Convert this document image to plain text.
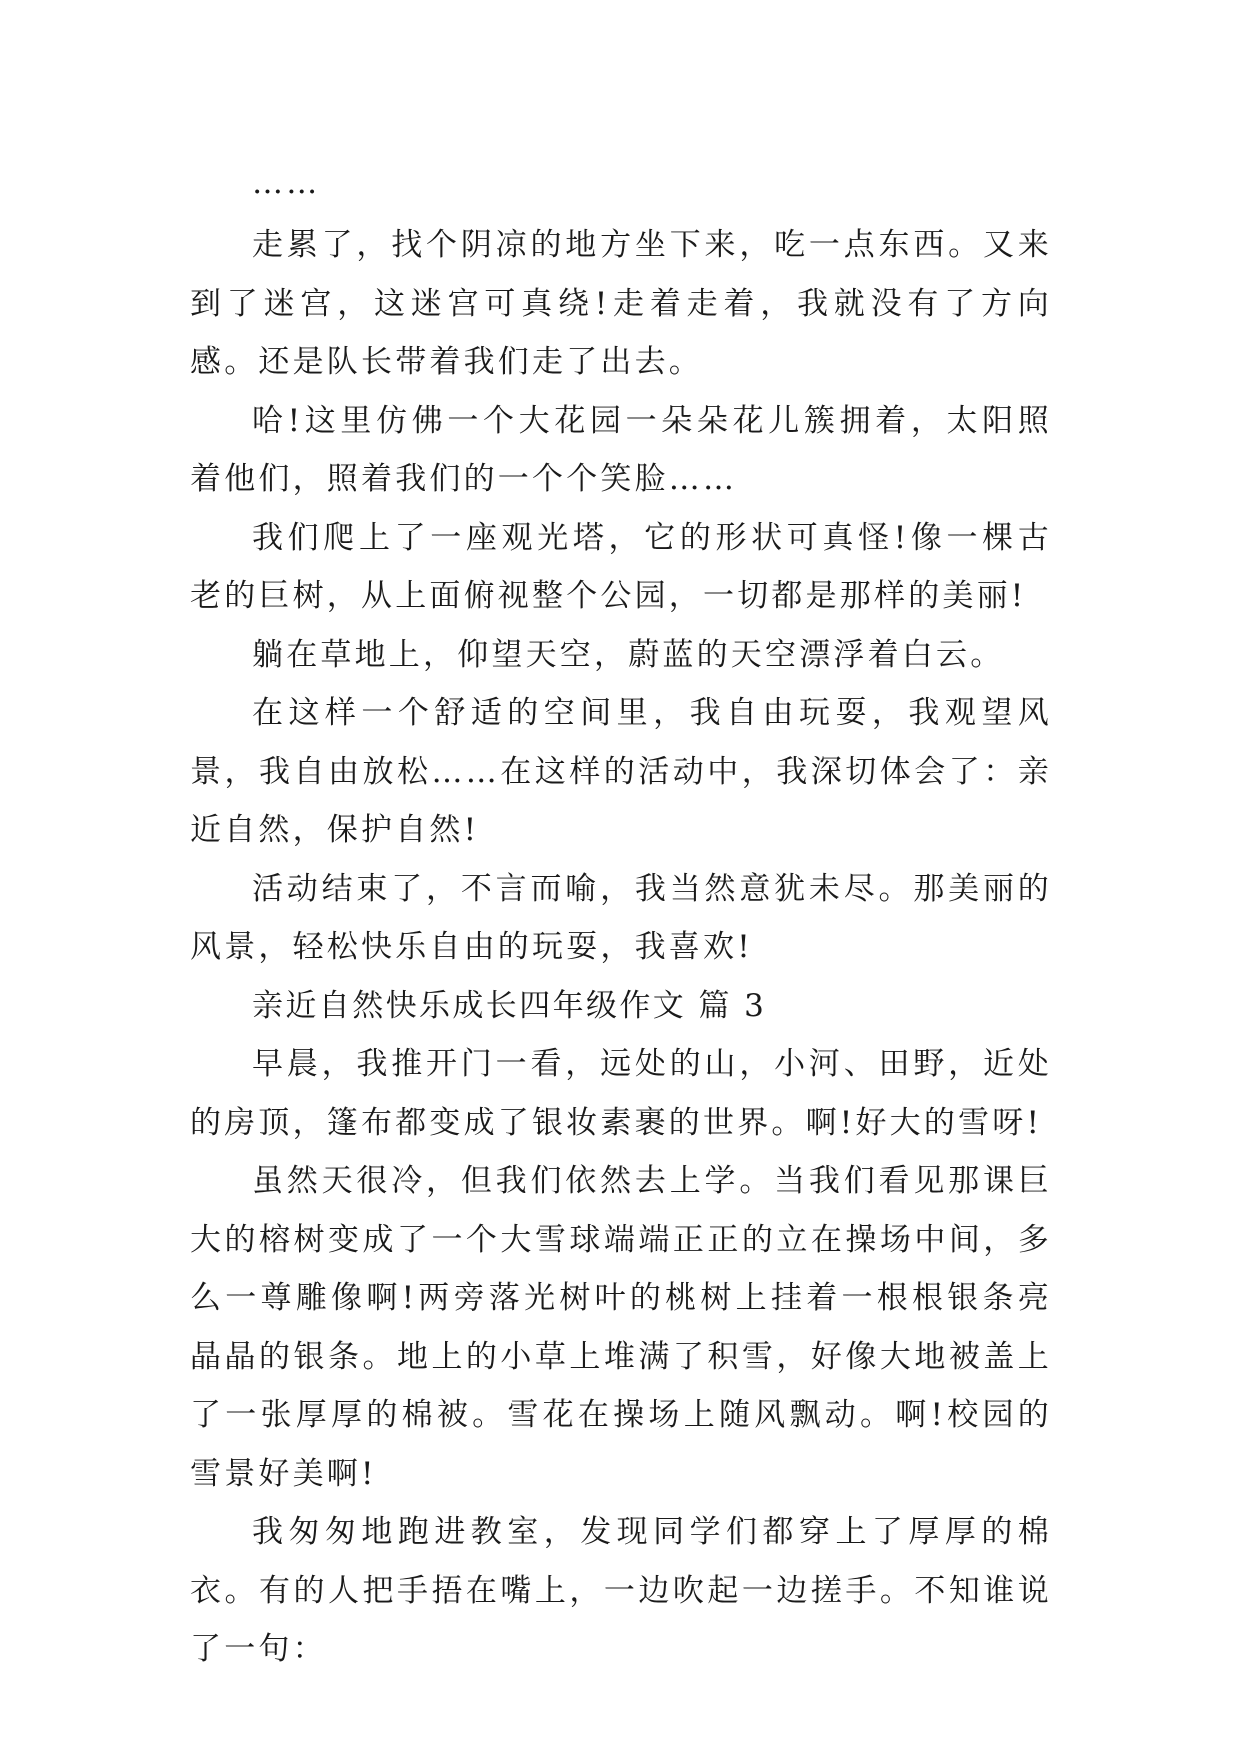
……

走累了，找个阴凉的地方坐下来，吃一点东西。又来到了迷宫，这迷宫可真绕!走着走着，我就没有了方向感。还是队长带着我们走了出去。

哈!这里仿佛一个大花园一朵朵花儿簇拥着，太阳照着他们，照着我们的一个个笑脸……

我们爬上了一座观光塔，它的形状可真怪!像一棵古老的巨树，从上面俯视整个公园，一切都是那样的美丽!

躺在草地上，仰望天空，蔚蓝的天空漂浮着白云。

在这样一个舒适的空间里，我自由玩耍，我观望风景，我自由放松……在这样的活动中，我深切体会了：亲近自然，保护自然!

活动结束了，不言而喻，我当然意犹未尽。那美丽的风景，轻松快乐自由的玩耍，我喜欢!

亲近自然快乐成长四年级作文 篇 3

早晨，我推开门一看，远处的山，小河、田野，近处的房顶，篷布都变成了银妆素裹的世界。啊!好大的雪呀!

虽然天很冷，但我们依然去上学。当我们看见那课巨大的榕树变成了一个大雪球端端正正的立在操场中间，多么一尊雕像啊!两旁落光树叶的桃树上挂着一根根银条亮晶晶的银条。地上的小草上堆满了积雪，好像大地被盖上了一张厚厚的棉被。雪花在操场上随风飘动。啊!校园的雪景好美啊!

我匆匆地跑进教室，发现同学们都穿上了厚厚的棉衣。有的人把手捂在嘴上，一边吹起一边搓手。不知谁说了一句：
